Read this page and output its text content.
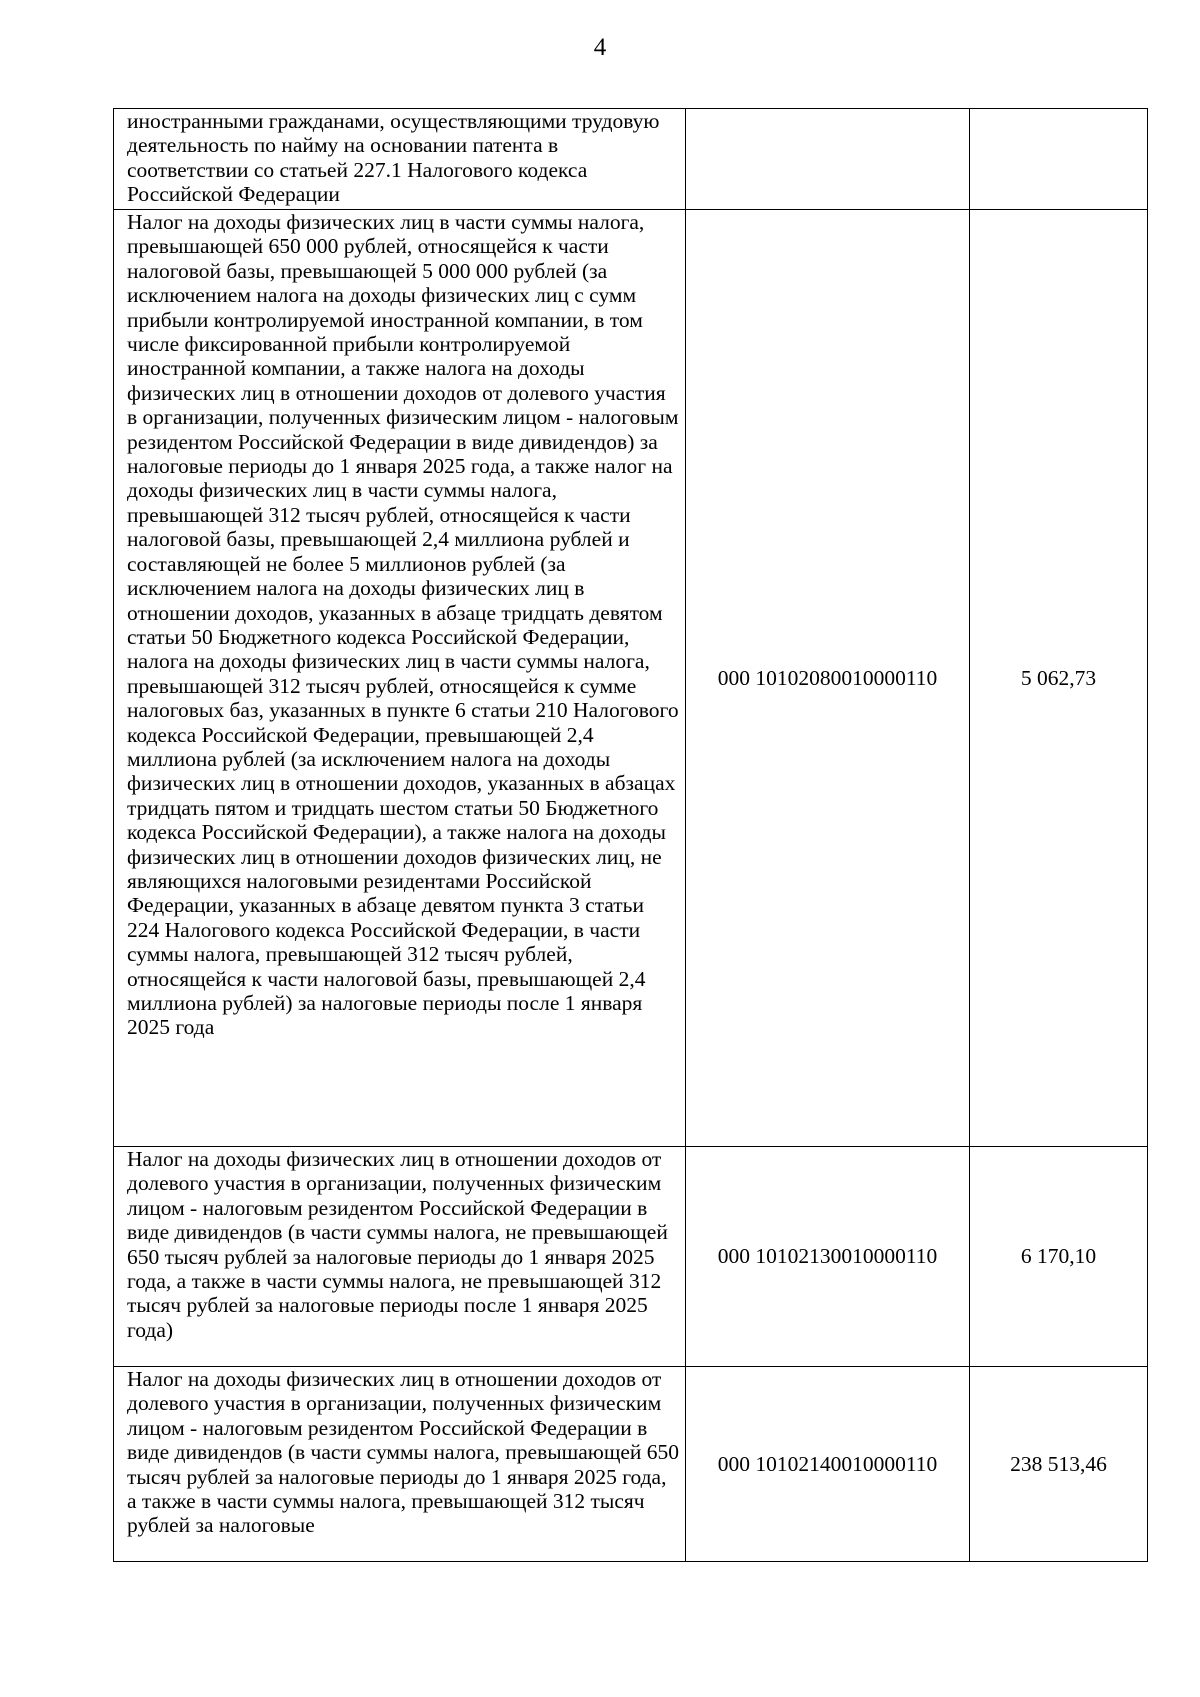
4
иностранными гражданами, осуществляющими трудовую деятельность по найму на основании патента в соответствии со статьей 227.1 Налогового кодекса Российской Федерации		
Налог на доходы физических лиц в части суммы налога, превышающей 650 000 рублей, относящейся к части налоговой базы, превышающей 5 000 000 рублей (за исключением налога на доходы физических лиц с сумм прибыли контролируемой иностранной компании, в том числе фиксированной прибыли контролируемой иностранной компании, а также налога на доходы физических лиц в отношении доходов от долевого участия в организации, полученных физическим лицом - налоговым резидентом Российской Федерации в виде дивидендов) за налоговые периоды до 1 января 2025 года, а также налог на доходы физических лиц в части суммы налога, превышающей 312 тысяч рублей, относящейся к части налоговой базы, превышающей 2,4 миллиона рублей и составляющей не более 5 миллионов рублей (за исключением налога на доходы физических лиц в отношении доходов, указанных в абзаце тридцать девятом статьи 50 Бюджетного кодекса Российской Федерации, налога на доходы физических лиц в части суммы налога, превышающей 312 тысяч рублей, относящейся к сумме налоговых баз, указанных в пункте 6 статьи 210 Налогового кодекса Российской Федерации, превышающей 2,4 миллиона рублей (за исключением налога на доходы физических лиц в отношении доходов, указанных в абзацах тридцать пятом и тридцать шестом статьи 50 Бюджетного кодекса Российской Федерации), а также налога на доходы физических лиц в отношении доходов физических лиц, не являющихся налоговыми резидентами Российской Федерации, указанных в абзаце девятом пункта 3 статьи 224 Налогового кодекса Российской Федерации, в части суммы налога, превышающей 312 тысяч рублей, относящейся к части налоговой базы, превышающей 2,4 миллиона рублей) за налоговые периоды после 1 января 2025 года	000 10102080010000110	5 062,73
Налог на доходы физических лиц в отношении доходов от долевого участия в организации, полученных физическим лицом - налоговым резидентом Российской Федерации в виде дивидендов (в части суммы налога, не превышающей 650 тысяч рублей за налоговые периоды до 1 января 2025 года, а также в части суммы налога, не превышающей 312 тысяч рублей за налоговые периоды после 1 января 2025 года)	000 10102130010000110	6 170,10
Налог на доходы физических лиц в отношении доходов от долевого участия в организации, полученных физическим лицом - налоговым резидентом Российской Федерации в виде дивидендов (в части суммы налога, превышающей 650 тысяч рублей за налоговые периоды до 1 января 2025 года, а также в части суммы налога, превышающей 312 тысяч рублей за налоговые	000 10102140010000110	238 513,46
